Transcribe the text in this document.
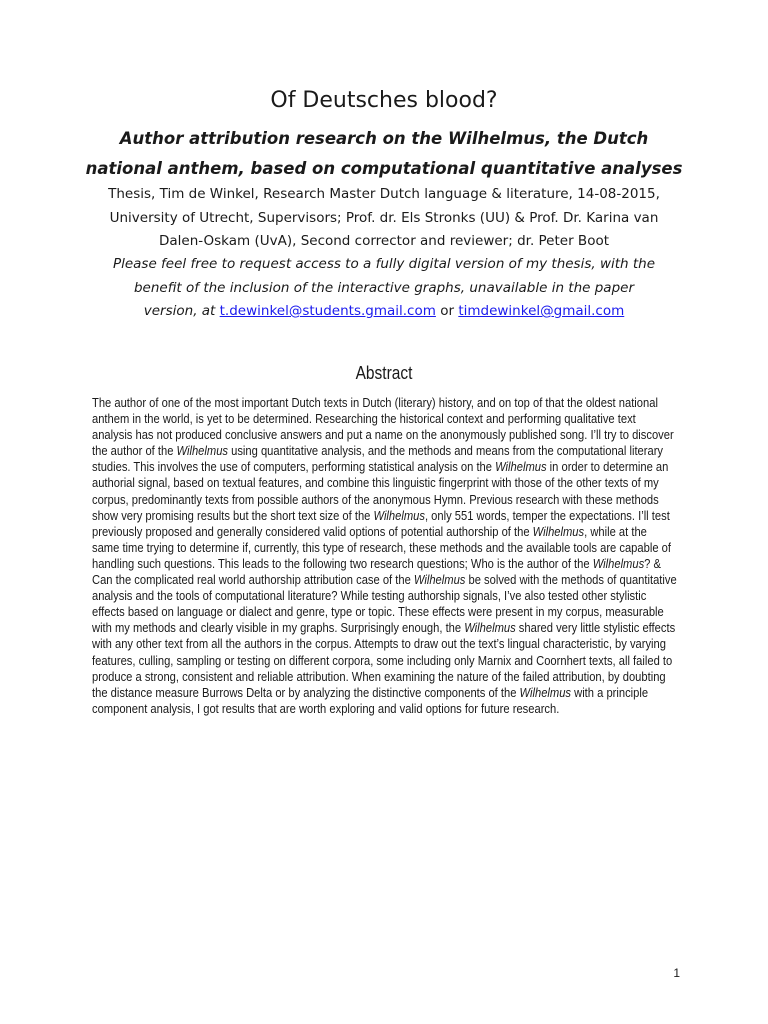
Of Deutsches blood?
Author attribution research on the Wilhelmus, the Dutch
national anthem, based on computational quantitative analyses

Thesis, Tim de Winkel, Research Master Dutch language & literature, 14-08-2015,
University of Utrecht, Supervisors; Prof. dr. Els Stronks (UU) & Prof. Dr. Karina van
Dalen-Oskam (UvA), Second corrector and reviewer; dr. Peter Boot

Please feel free to request access to a fully digital version of my thesis, with the
benefit of the inclusion of the interactive graphs, unavailable in the paper
version, at t.dewinkel@students.gmail.com or timdewinkel@gmail.com

Abstract

The author of one of the most important Dutch texts in Dutch (literary) history, and on top of that the oldest national anthem in the world, is yet to be determined. Researching the historical context and performing qualitative text analysis has not produced conclusive answers and put a name on the anonymously published song. I’ll try to discover the author of the Wilhelmus using quantitative analysis, and the methods and means from the computational literary studies. This involves the use of computers, performing statistical analysis on the Wilhelmus in order to determine an authorial signal, based on textual features, and combine this linguistic fingerprint with those of the other texts of my corpus, predominantly texts from possible authors of the anonymous Hymn. Previous research with these methods show very promising results but the short text size of the Wilhelmus, only 551 words, temper the expectations. I’ll test previously proposed and generally considered valid options of potential authorship of the Wilhelmus, while at the same time trying to determine if, currently, this type of research, these methods and the available tools are capable of handling such questions. This leads to the following two research questions; Who is the author of the Wilhelmus? & Can the complicated real world authorship attribution case of the Wilhelmus be solved with the methods of quantitative analysis and the tools of computational literature? While testing authorship signals, I’ve also tested other stylistic effects based on language or dialect and genre, type or topic. These effects were present in my corpus, measurable with my methods and clearly visible in my graphs. Surprisingly enough, the Wilhelmus shared very little stylistic effects with any other text from all the authors in the corpus. Attempts to draw out the text’s lingual characteristic, by varying features, culling, sampling or testing on different corpora, some including only Marnix and Coornhert texts, all failed to produce a strong, consistent and reliable attribution. When examining the nature of the failed attribution, by doubting the distance measure Burrows Delta or by analyzing the distinctive components of the Wilhelmus with a principle component analysis, I got results that are worth exploring and valid options for future research.

1
